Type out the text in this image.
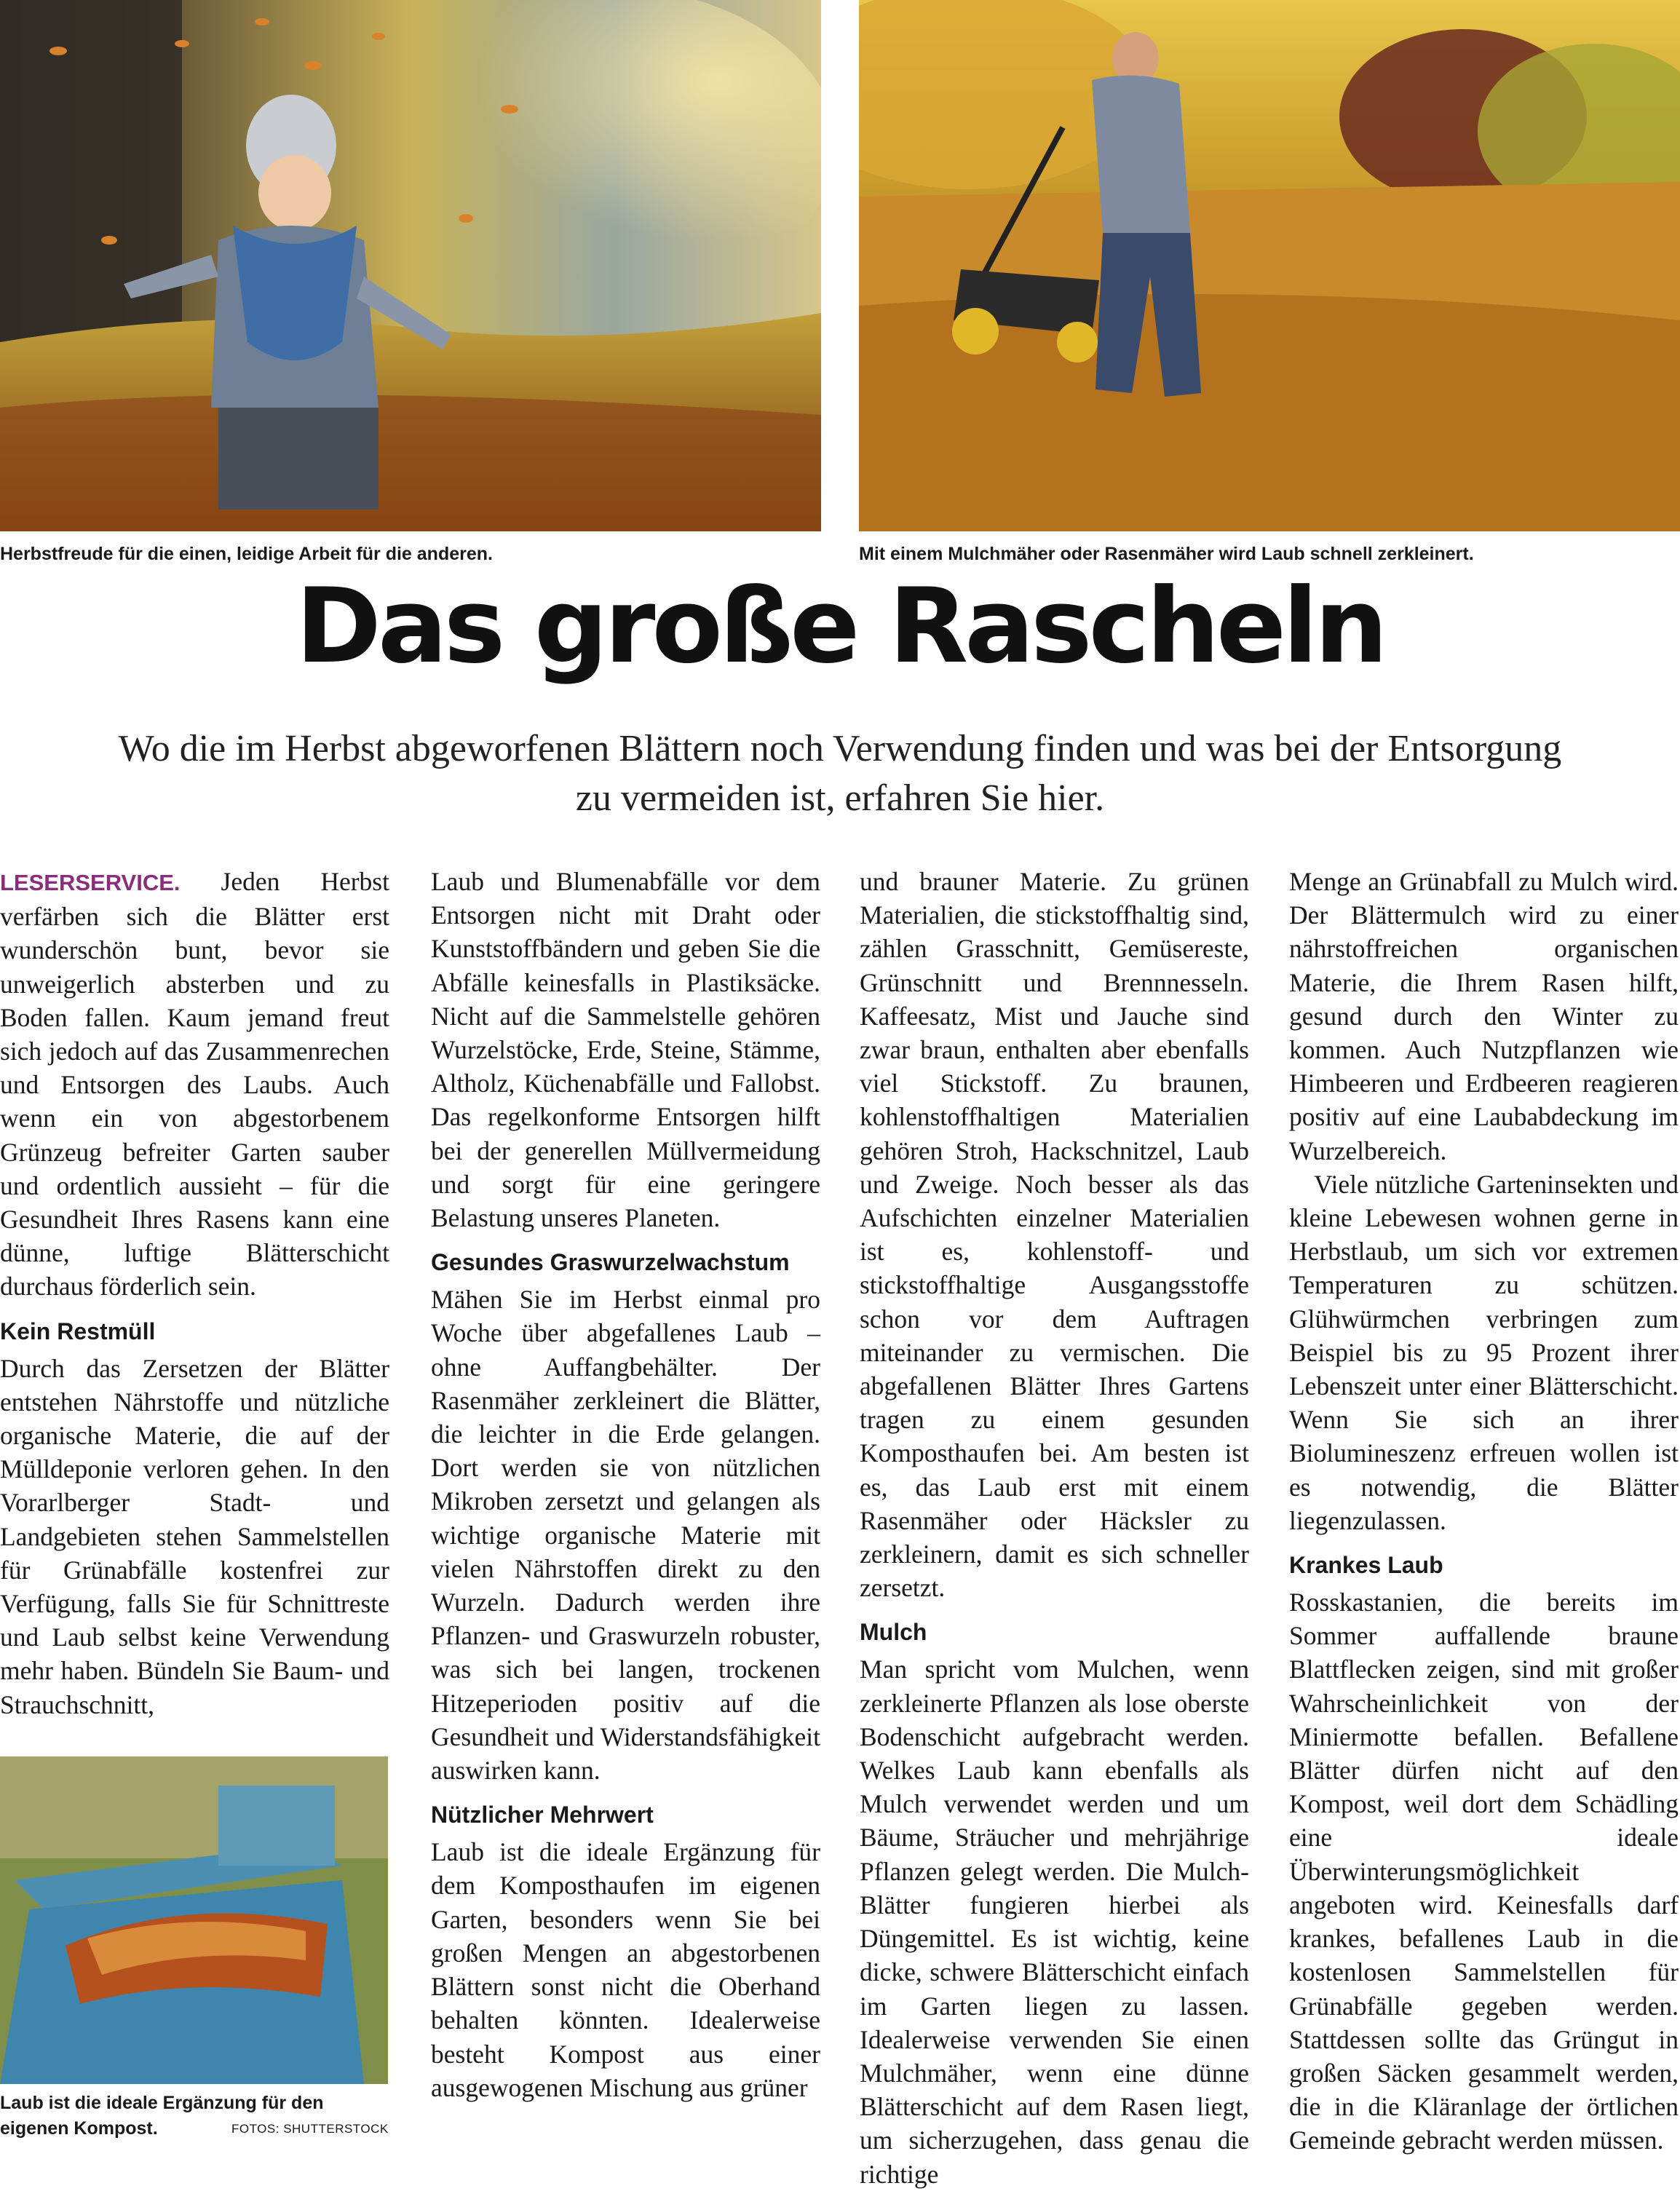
Herbstfreude für die einen, leidige Arbeit für die anderen.	Mit einem Mulchmäher oder Rasenmäher wird Laub schnell zerkleinert.
Das große Rascheln

Wo die im Herbst abgeworfenen Blättern noch Verwendung finden und was bei der Entsorgung zu vermeiden ist, erfahren Sie hier.

LESERSERVICE. Jeden Herbst verfärben sich die Blätter erst wunderschön bunt, bevor sie unweigerlich absterben und zu Boden fallen. Kaum jemand freut sich jedoch auf das Zusammenrechen und Entsorgen des Laubs. Auch wenn ein von abgestorbenem Grünzeug befreiter Garten sauber und ordentlich aussieht – für die Gesundheit Ihres Rasens kann eine dünne, luftige Blätterschicht durchaus förderlich sein.

Kein Restmüll

Durch das Zersetzen der Blätter entstehen Nährstoffe und nützliche organische Materie, die auf der Mülldeponie verloren gehen. In den Vorarlberger Stadt- und Landgebieten stehen Sammelstellen für Grünabfälle kostenfrei zur Verfügung, falls Sie für Schnittreste und Laub selbst keine Verwendung mehr haben. Bündeln Sie Baum- und Strauchschnitt,

Laub ist die ideale Ergänzung für den
eigenen Kompost.	FOTOS: SHUTTERSTOCK

Laub und Blumenabfälle vor dem Entsorgen nicht mit Draht oder Kunststoffbändern und geben Sie die Abfälle keinesfalls in Plastiksäcke. Nicht auf die Sammelstelle gehören Wurzelstöcke, Erde, Steine, Stämme, Altholz, Küchenabfälle und Fallobst. Das regelkonforme Entsorgen hilft bei der generellen Müllvermeidung und sorgt für eine geringere Belastung unseres Planeten.

Gesundes Graswurzelwachstum

Mähen Sie im Herbst einmal pro Woche über abgefallenes Laub – ohne Auffangbehälter. Der Rasenmäher zerkleinert die Blätter, die leichter in die Erde gelangen. Dort werden sie von nützlichen Mikroben zersetzt und gelangen als wichtige organische Materie mit vielen Nährstoffen direkt zu den Wurzeln. Dadurch werden ihre Pflanzen- und Graswurzeln robuster, was sich bei langen, trockenen Hitzeperioden positiv auf die Gesundheit und Widerstandsfähigkeit auswirken kann.

Nützlicher Mehrwert

Laub ist die ideale Ergänzung für dem Komposthaufen im eigenen Garten, besonders wenn Sie bei großen Mengen an abgestorbenen Blättern sonst nicht die Oberhand behalten könnten. Idealerweise besteht Kompost aus einer ausgewogenen Mischung aus grüner

und brauner Materie. Zu grünen Materialien, die stickstoffhaltig sind, zählen Grasschnitt, Gemüsereste, Grünschnitt und Brennnesseln. Kaffeesatz, Mist und Jauche sind zwar braun, enthalten aber ebenfalls viel Stickstoff. Zu braunen, kohlenstoffhaltigen Materialien gehören Stroh, Hackschnitzel, Laub und Zweige. Noch besser als das Aufschichten einzelner Materialien ist es, kohlenstoff- und stickstoffhaltige Ausgangsstoffe schon vor dem Auftragen miteinander zu vermischen. Die abgefallenen Blätter Ihres Gartens tragen zu einem gesunden Komposthaufen bei. Am besten ist es, das Laub erst mit einem Rasenmäher oder Häcksler zu zerkleinern, damit es sich schneller zersetzt.

Mulch

Man spricht vom Mulchen, wenn zerkleinerte Pflanzen als lose oberste Bodenschicht aufgebracht werden. Welkes Laub kann ebenfalls als Mulch verwendet werden und um Bäume, Sträucher und mehrjährige Pflanzen gelegt werden. Die Mulch-Blätter fungieren hierbei als Düngemittel. Es ist wichtig, keine dicke, schwere Blätterschicht einfach im Garten liegen zu lassen. Idealerweise verwenden Sie einen Mulchmäher, wenn eine dünne Blätterschicht auf dem Rasen liegt, um sicherzugehen, dass genau die richtige

Menge an Grünabfall zu Mulch wird. Der Blättermulch wird zu einer nährstoffreichen organischen Materie, die Ihrem Rasen hilft, gesund durch den Winter zu kommen. Auch Nutzpflanzen wie Himbeeren und Erdbeeren reagieren positiv auf eine Laubabdeckung im Wurzelbereich.

Viele nützliche Garteninsekten und kleine Lebewesen wohnen gerne in Herbstlaub, um sich vor extremen Temperaturen zu schützen. Glühwürmchen verbringen zum Beispiel bis zu 95 Prozent ihrer Lebenszeit unter einer Blätterschicht. Wenn Sie sich an ihrer Biolumineszenz erfreuen wollen ist es notwendig, die Blätter liegenzulassen.

Krankes Laub

Rosskastanien, die bereits im Sommer auffallende braune Blattflecken zeigen, sind mit großer Wahrscheinlichkeit von der Miniermotte befallen. Befallene Blätter dürfen nicht auf den Kompost, weil dort dem Schädling eine ideale Überwinterungsmöglichkeit angeboten wird. Keinesfalls darf krankes, befallenes Laub in die kostenlosen Sammelstellen für Grünabfälle gegeben werden. Stattdessen sollte das Grüngut in großen Säcken gesammelt werden, die in die Kläranlage der örtlichen Gemeinde gebracht werden müssen.
